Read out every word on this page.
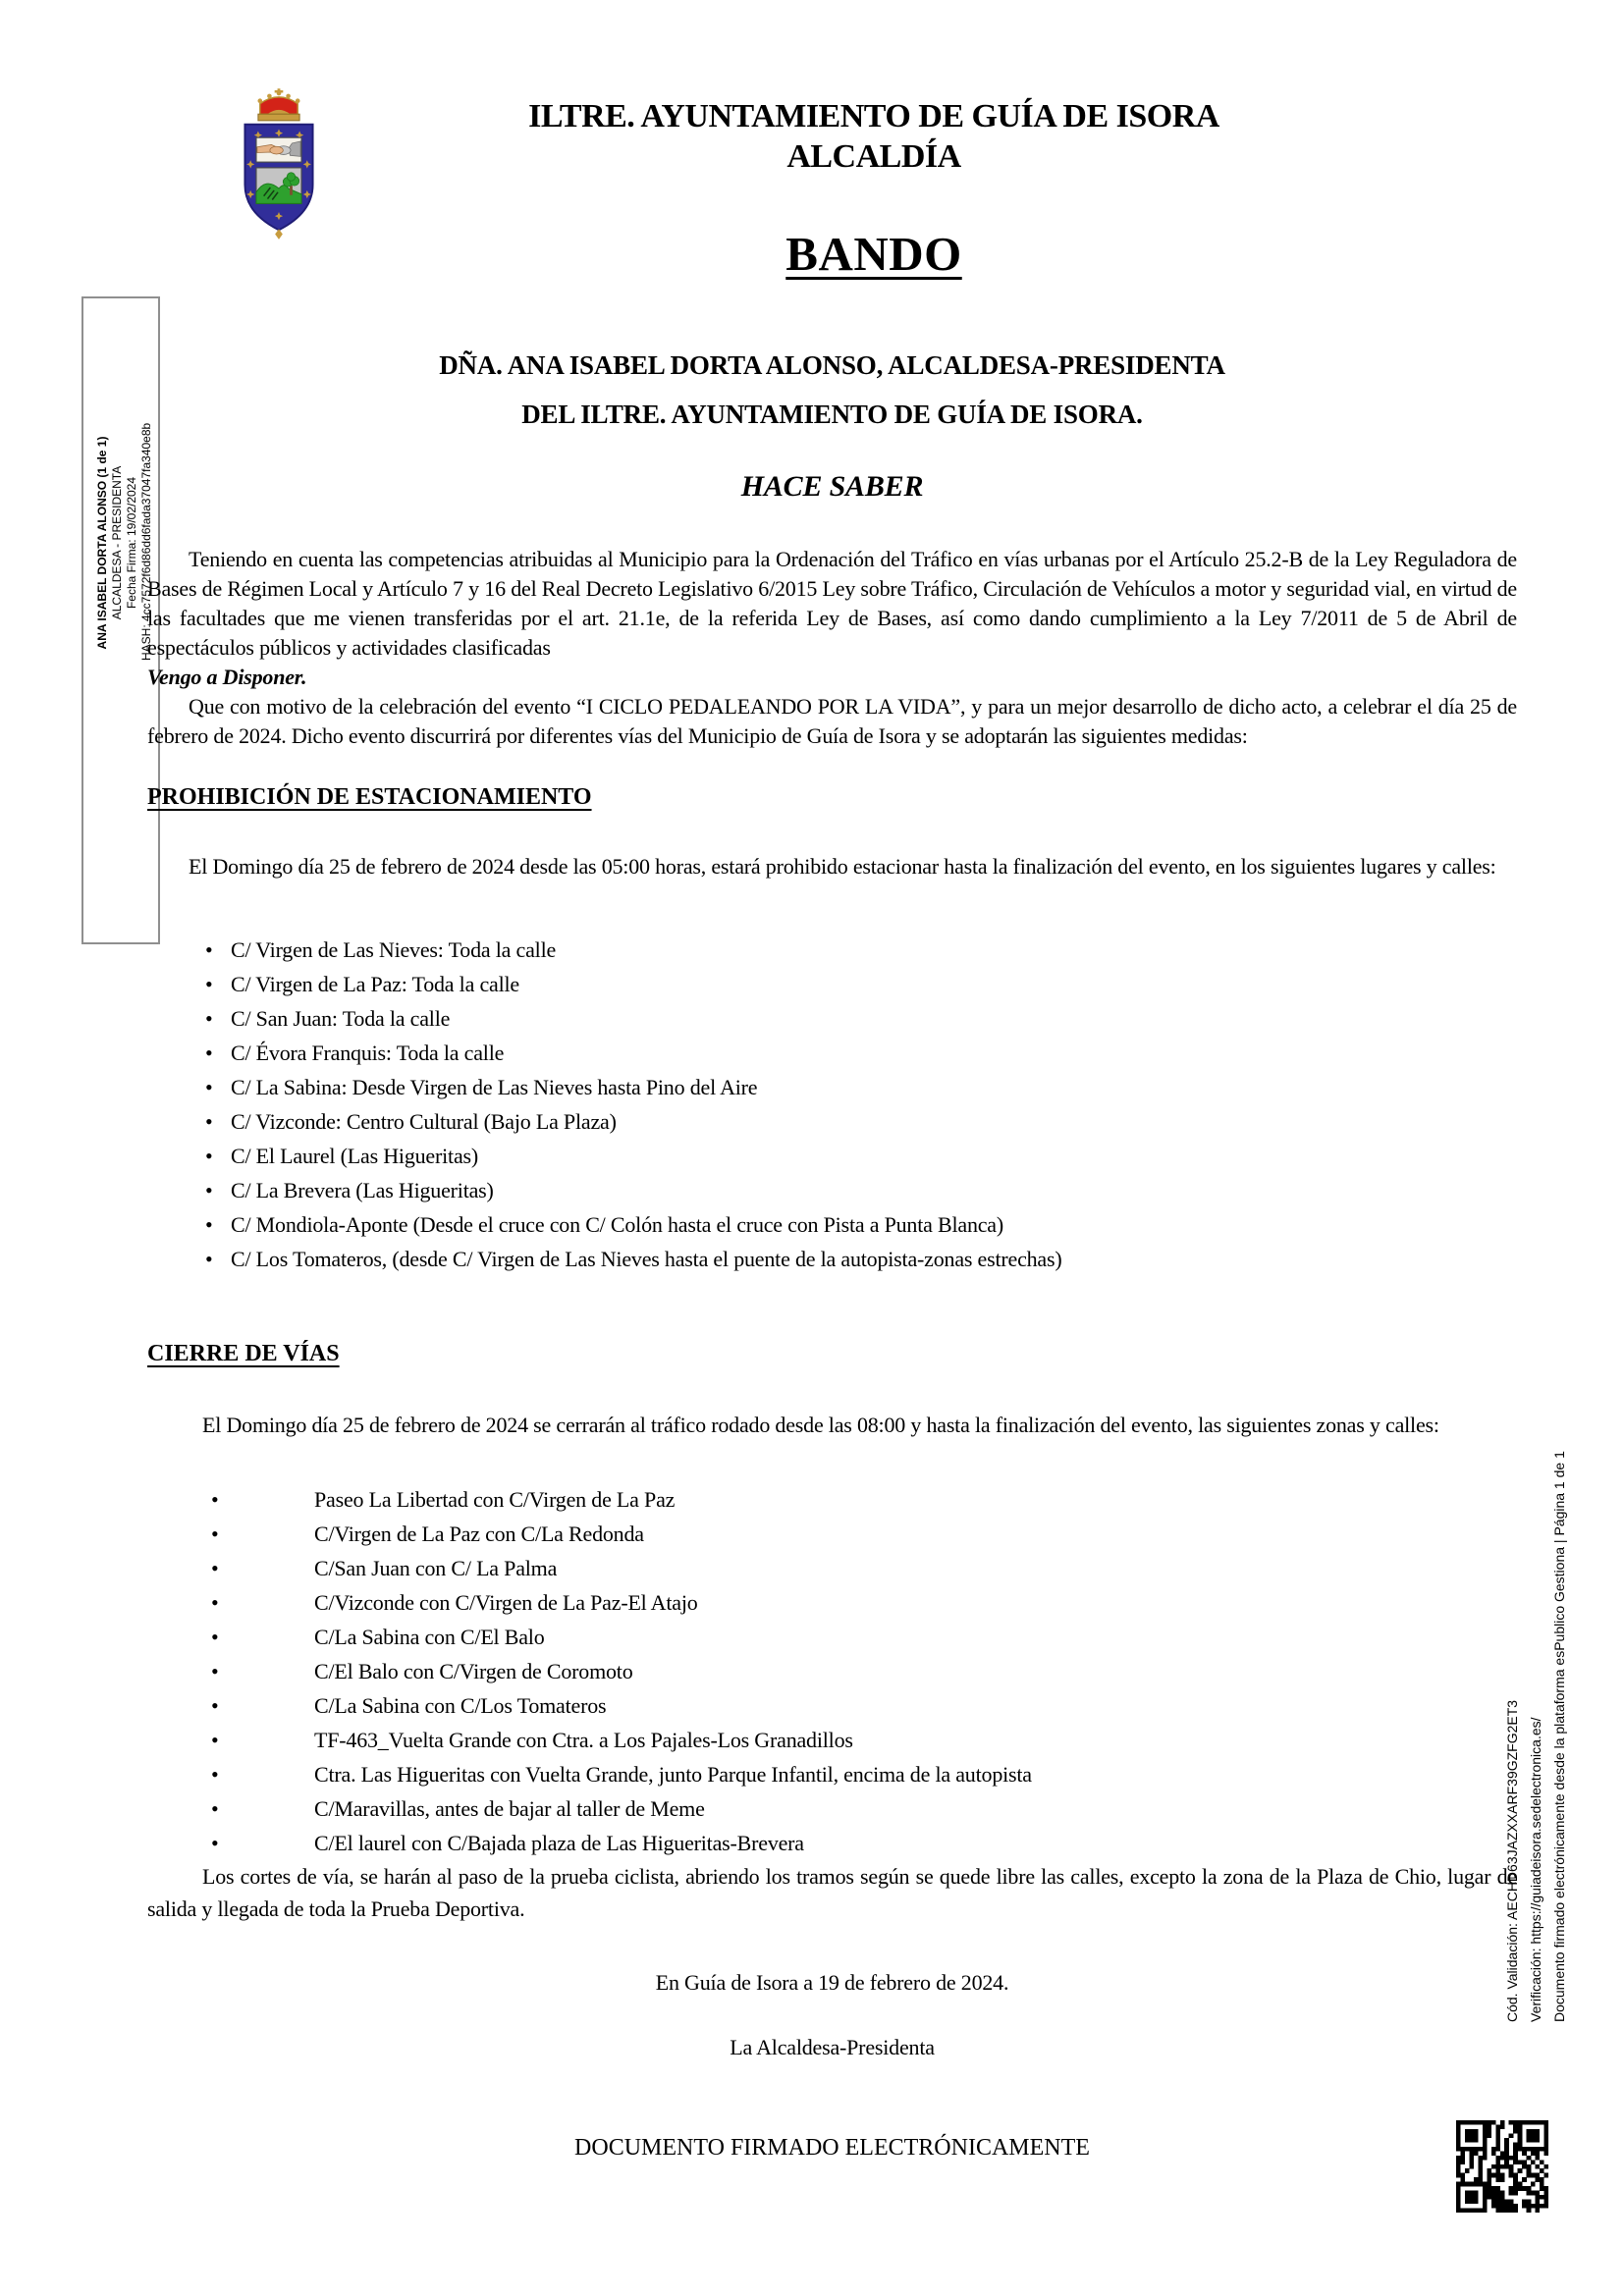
ILTRE. AYUNTAMIENTO DE GUÍA DE ISORA
ALCALDÍA
BANDO
ANA ISABEL DORTA ALONSO (1 de 1) ALCALDESA - PRESIDENTA Fecha Firma: 19/02/2024 HASH: 4cc7572f6d86dd6fada37047fa340e8b
Cód. Validación: AECHD63JAZXXARF39GZFG2ET3 Verificación: https://guiadeisora.sedelectronica.es/ Documento firmado electrónicamente desde la plataforma esPublico Gestiona | Página 1 de 1
DÑA. ANA ISABEL DORTA ALONSO, ALCALDESA-PRESIDENTA
DEL ILTRE. AYUNTAMIENTO DE GUÍA DE ISORA.
HACE SABER

Teniendo en cuenta las competencias atribuidas al Municipio para la Ordenación del Tráfico en vías urbanas por el Artículo 25.2-B de la Ley Reguladora de Bases de Régimen Local y Artículo 7 y 16 del Real Decreto Legislativo 6/2015 Ley sobre Tráfico, Circulación de Vehículos a motor y seguridad vial, en virtud de las facultades que me vienen transferidas por el art. 21.1e, de la referida Ley de Bases, así como dando cumplimiento a la Ley 7/2011 de 5 de Abril de espectáculos públicos y actividades clasificadas

Vengo a Disponer.

Que con motivo de la celebración del evento “I CICLO PEDALEANDO POR LA VIDA”, y para un mejor desarrollo de dicho acto, a celebrar el día 25 de febrero de 2024. Dicho evento discurrirá por diferentes vías del Municipio de Guía de Isora y se adoptarán las siguientes medidas:

PROHIBICIÓN DE ESTACIONAMIENTO

El Domingo día 25 de febrero de 2024 desde las 05:00 horas, estará prohibido estacionar hasta la finalización del evento, en los siguientes lugares y calles:

• C/ Virgen de Las Nieves: Toda la calle
• C/ Virgen de La Paz: Toda la calle
• C/ San Juan: Toda la calle
• C/ Évora Franquis: Toda la calle
• C/ La Sabina: Desde Virgen de Las Nieves hasta Pino del Aire
• C/ Vizconde: Centro Cultural (Bajo La Plaza)
• C/ El Laurel (Las Higueritas)
• C/ La Brevera (Las Higueritas)
• C/ Mondiola-Aponte (Desde el cruce con C/ Colón hasta el cruce con Pista a Punta Blanca)
• C/ Los Tomateros, (desde C/ Virgen de Las Nieves hasta el puente de la autopista-zonas estrechas)
CIERRE DE VÍAS

El Domingo día 25 de febrero de 2024 se cerrarán al tráfico rodado desde las 08:00 y hasta la finalización del evento, las siguientes zonas y calles:

• Paseo La Libertad con C/Virgen de La Paz
• C/Virgen de La Paz con C/La Redonda
• C/San Juan con C/ La Palma
• C/Vizconde con C/Virgen de La Paz-El Atajo
• C/La Sabina con C/El Balo
• C/El Balo con C/Virgen de Coromoto
• C/La Sabina con C/Los Tomateros
• TF-463_Vuelta Grande con Ctra. a Los Pajales-Los Granadillos
• Ctra. Las Higueritas con Vuelta Grande, junto Parque Infantil, encima de la autopista
• C/Maravillas, antes de bajar al taller de Meme
• C/El laurel con C/Bajada plaza de Las Higueritas-Brevera

Los cortes de vía, se harán al paso de la prueba ciclista, abriendo los tramos según se quede libre las calles, excepto la zona de la Plaza de Chio, lugar de salida y llegada de toda la Prueba Deportiva.

En Guía de Isora a 19 de febrero de 2024.
La Alcaldesa-Presidenta
DOCUMENTO FIRMADO ELECTRÓNICAMENTE
